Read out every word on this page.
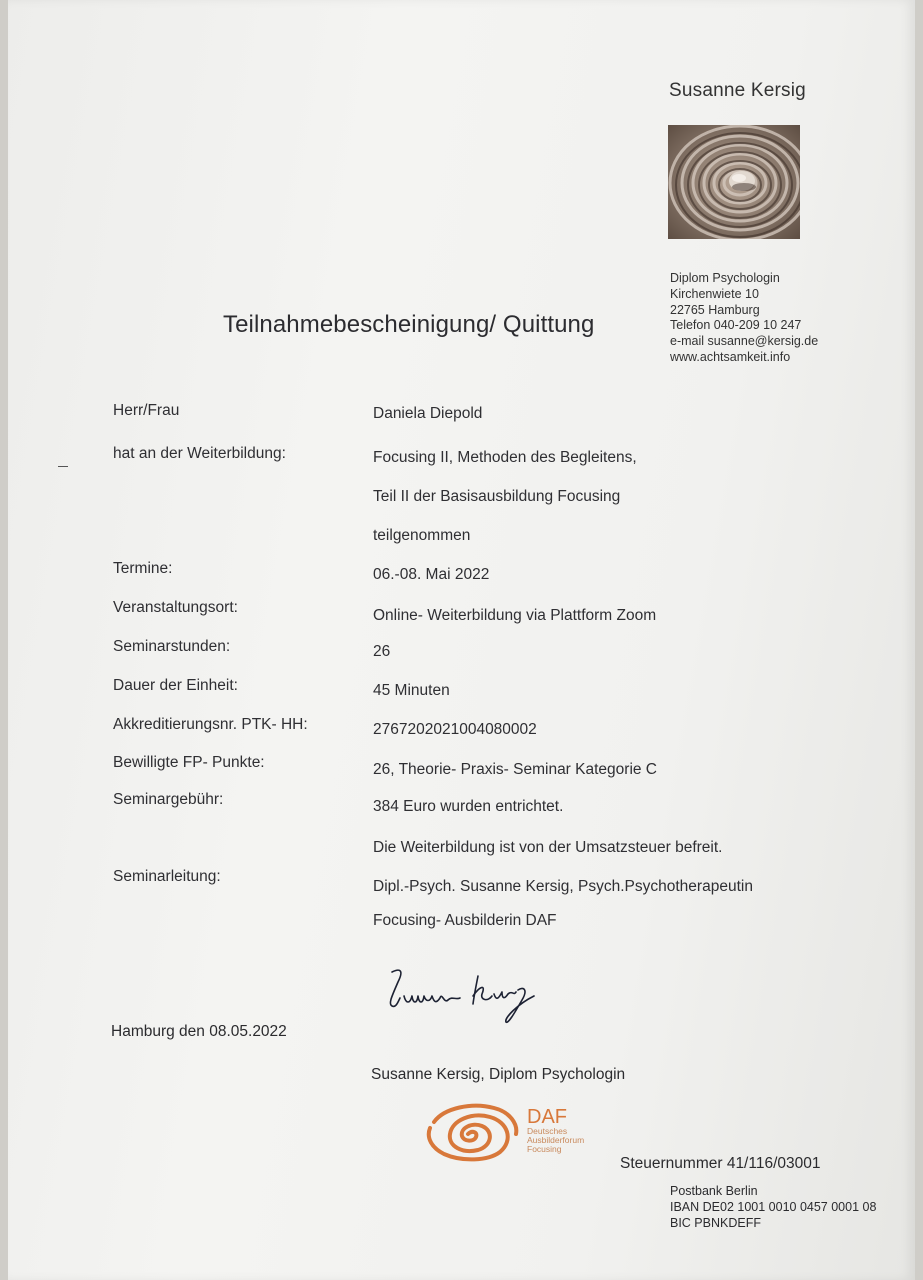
Susanne Kersig
Diplom Psychologin
Kirchenwiete 10
22765 Hamburg
Telefon 040-209 10 247
e-mail susanne@kersig.de
www.achtsamkeit.info
Teilnahmebescheinigung/ Quittung
Herr/Frau	Daniela Diepold
hat an der Weiterbildung:	Focusing II, Methoden des Begleitens,
Teil II der Basisausbildung Focusing
teilgenommen
Termine:	06.-08. Mai 2022
Veranstaltungsort:	Online- Weiterbildung via Plattform Zoom
Seminarstunden:	26
Dauer der Einheit:	45 Minuten
Akkreditierungsnr. PTK- HH:	2767202021004080002
Bewilligte FP- Punkte:	26, Theorie- Praxis- Seminar Kategorie C
Seminargebühr:	384 Euro wurden entrichtet.
Die Weiterbildung ist von der Umsatzsteuer befreit.
Seminarleitung:
Dipl.-Psych. Susanne Kersig, Psych.Psychotherapeutin
Focusing- Ausbilderin DAF
Hamburg den 08.05.2022
Susanne Kersig, Diplom Psychologin
DAF
Deutsches
Ausbilderforum
Focusing
Steuernummer 41/116/03001
Postbank Berlin
IBAN DE02 1001 0010 0457 0001 08
BIC PBNKDEFF
